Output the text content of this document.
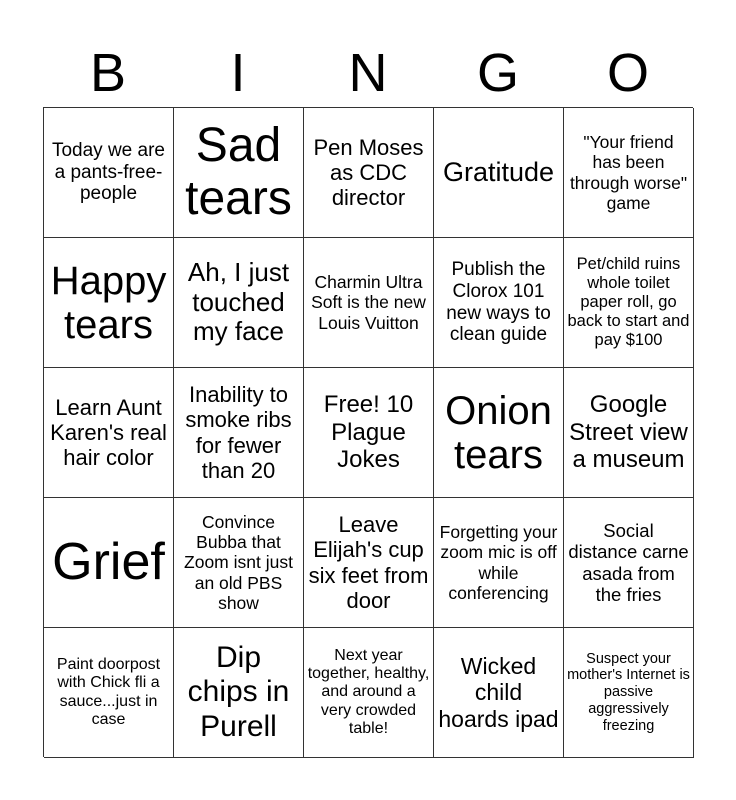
B	I	N	G	O
Today we are a pants-free-people
Sad tears
Pen Moses as CDC director
Gratitude
"Your friend has been through worse" game
Happy tears
Ah, I just touched my face
Charmin Ultra Soft is the new Louis Vuitton
Publish the Clorox 101 new ways to clean guide
Pet/child ruins whole toilet paper roll, go back to start and pay $100
Learn Aunt Karen's real hair color
Inability to smoke ribs for fewer than 20
Free! 10 Plague Jokes
Onion tears
Google Street view a museum
Grief
Convince Bubba that Zoom isnt just an old PBS show
Leave Elijah's cup six feet from door
Forgetting your zoom mic is off while conferencing
Social distance carne asada from the fries
Paint doorpost with Chick fli a sauce...just in case
Dip chips in Purell
Next year together, healthy, and around a very crowded table!
Wicked child hoards ipad
Suspect your mother's Internet is passive aggressively freezing
